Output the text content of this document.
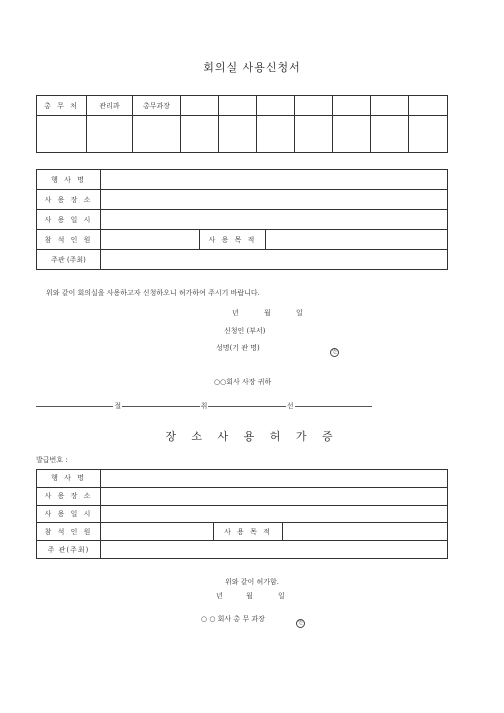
회의실 사용신청서
총 무 처	관리과	총무과장							

행 사 명			
사 용 장 소			
사 용 일 시			
참 석 인 원		사 용 목 적	
주관 (주최)			
위와 같이 회의실을 사용하고자 신청하오니 허가하여 주시기 바랍니다.
년	월	일
신청인 (부서)
성명(기 관 명)	인
○○회사 사장 귀하
절	취	선
장 소 사 용 허 가 증
발급번호 :
행 사 명			
사 용 장 소			
사 용 일 시			
참 석 인 원		사 용 목 적	
주 관(주최)			
위와 같이 허가함.
년	월	일
○ ○ 회사 총 무 과장	인
